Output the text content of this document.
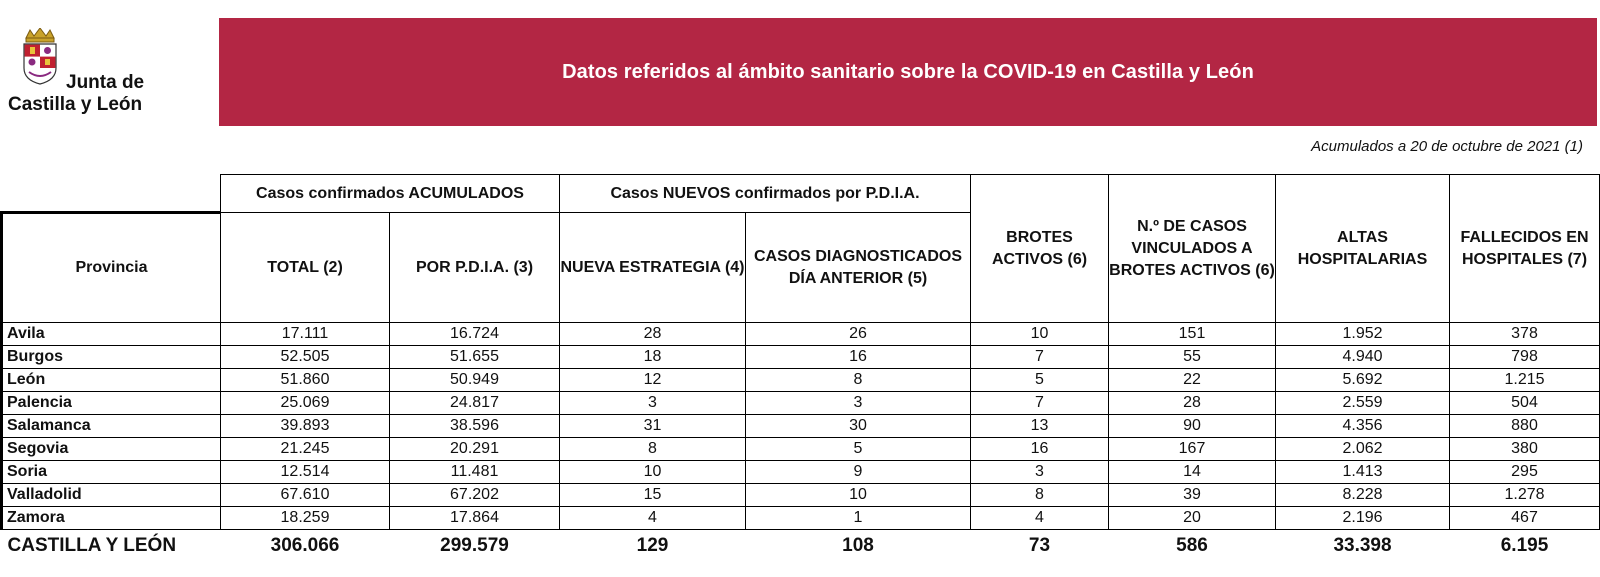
Junta de
Castilla y León
Datos referidos al ámbito sanitario sobre la COVID-19 en Castilla y León
Acumulados a 20 de octubre de 2021 (1)
	Casos confirmados ACUMULADOS		Casos NUEVOS confirmados por P.D.I.A.		BROTES ACTIVOS (6)	N.º DE CASOS VINCULADOS A BROTES ACTIVOS (6)	ALTAS HOSPITALARIAS	FALLECIDOS EN HOSPITALES (7)
Provincia	TOTAL (2)	POR P.D.I.A. (3)	NUEVA ESTRATEGIA (4)	CASOS DIAGNOSTICADOS DÍA ANTERIOR (5)				
Avila	17.111	16.724	28	26	10	151	1.952	378
Burgos	52.505	51.655	18	16	7	55	4.940	798
León	51.860	50.949	12	8	5	22	5.692	1.215
Palencia	25.069	24.817	3	3	7	28	2.559	504
Salamanca	39.893	38.596	31	30	13	90	4.356	880
Segovia	21.245	20.291	8	5	16	167	2.062	380
Soria	12.514	11.481	10	9	3	14	1.413	295
Valladolid	67.610	67.202	15	10	8	39	8.228	1.278
Zamora	18.259	17.864	4	1	4	20	2.196	467
CASTILLA Y LEÓN	306.066	299.579	129	108	73	586	33.398	6.195
